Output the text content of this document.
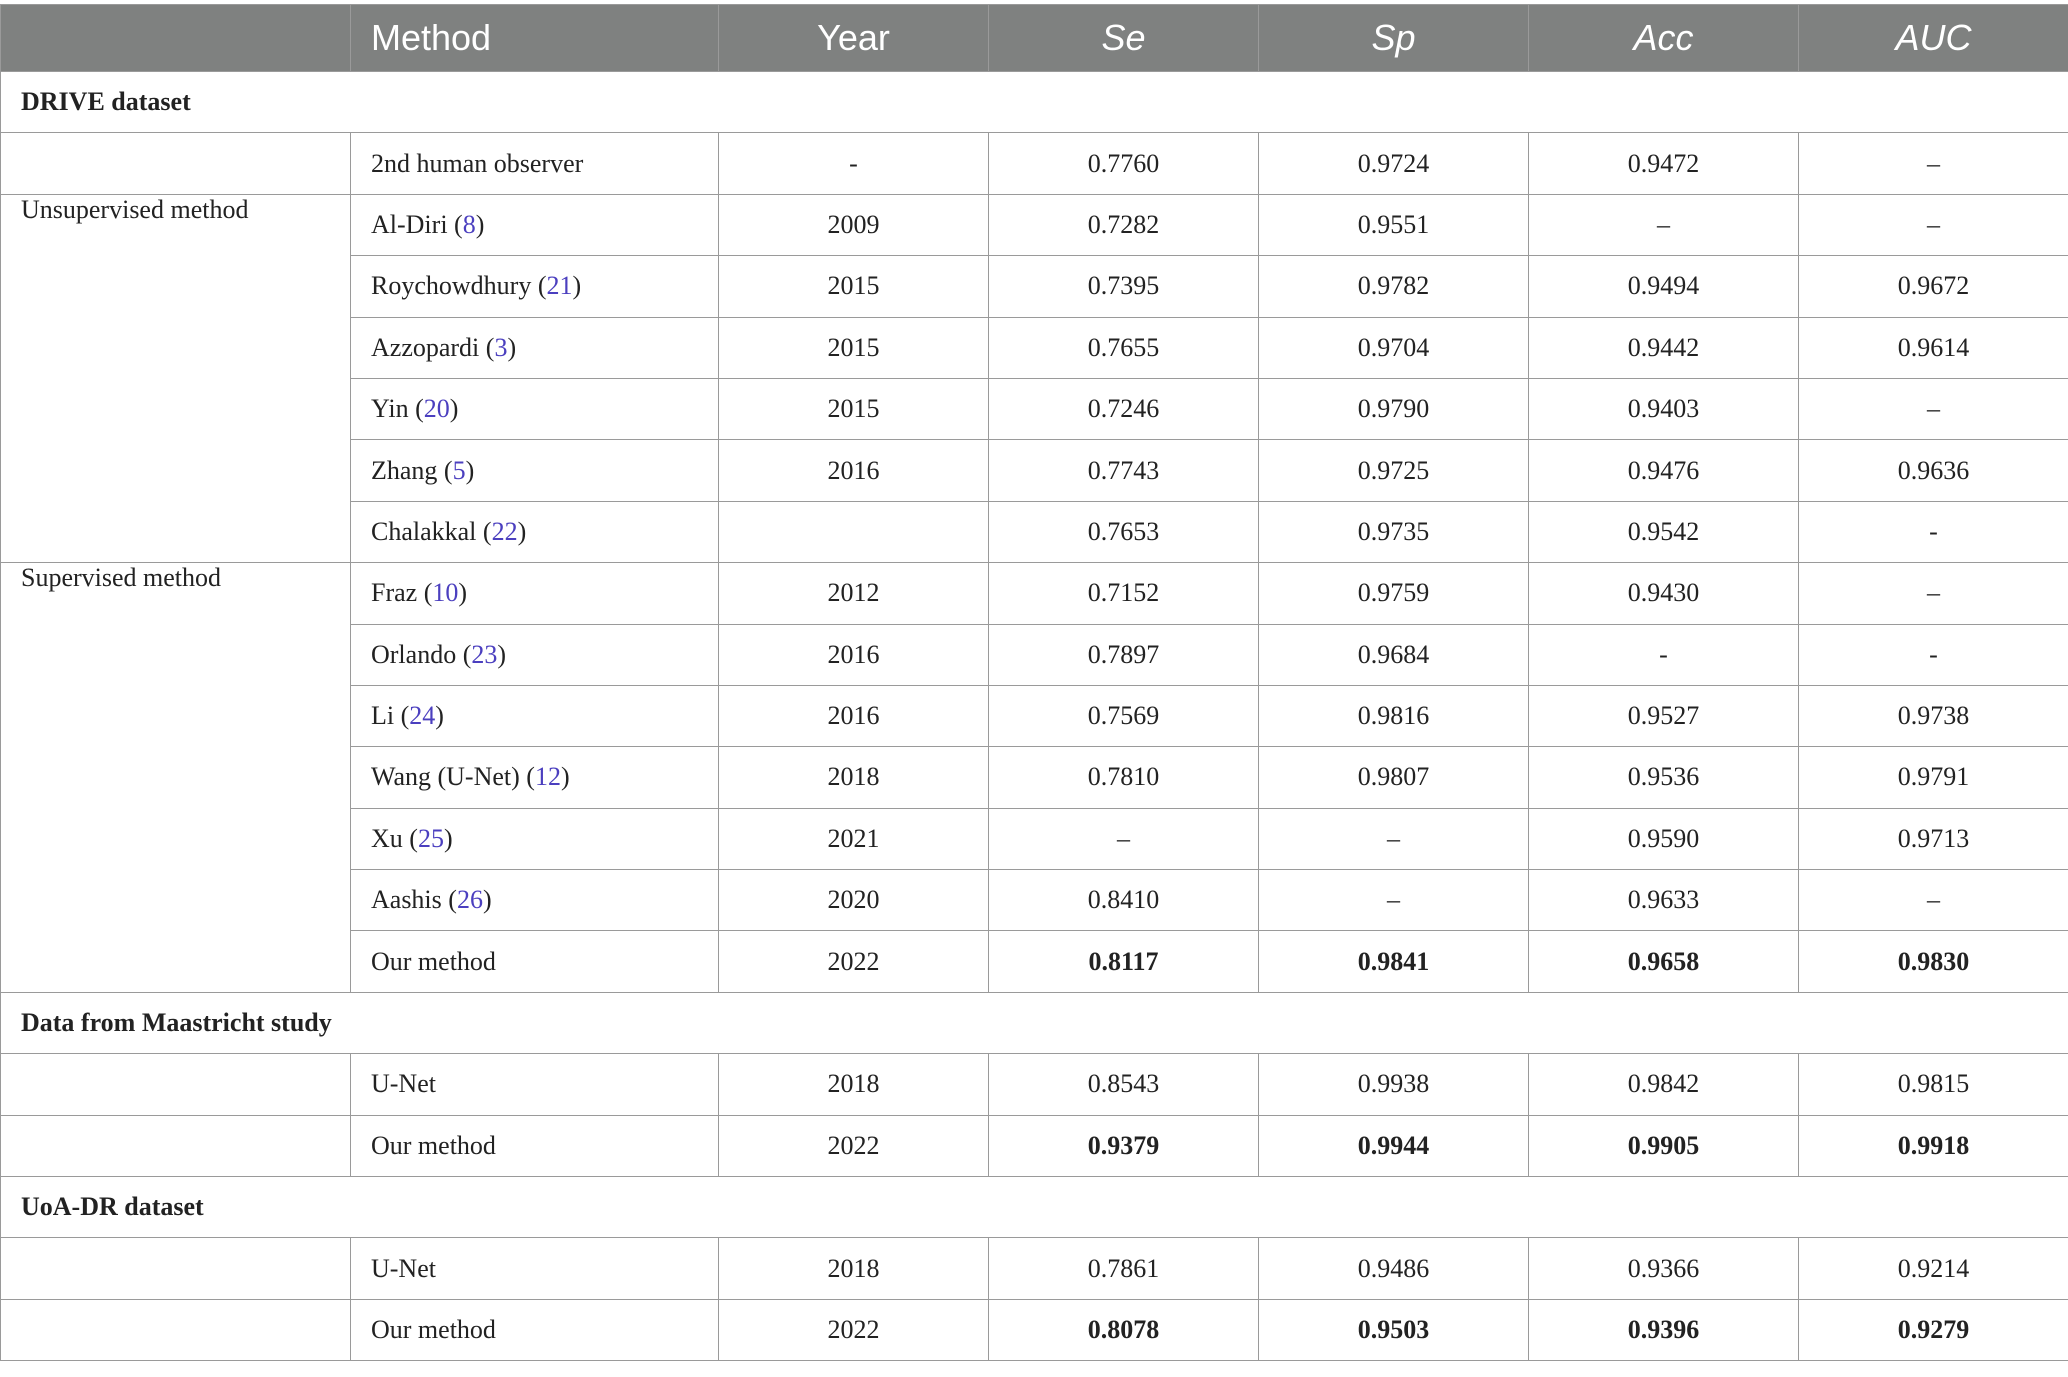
	Method	Year	Se	Sp	Acc	AUC
DRIVE dataset						
	2nd human observer	-	0.7760	0.9724	0.9472	–
Unsupervised method	Al-Diri (8)	2009	0.7282	0.9551	–	–
	Roychowdhury (21)	2015	0.7395	0.9782	0.9494	0.9672
	Azzopardi (3)	2015	0.7655	0.9704	0.9442	0.9614
	Yin (20)	2015	0.7246	0.9790	0.9403	–
	Zhang (5)	2016	0.7743	0.9725	0.9476	0.9636
	Chalakkal (22)		0.7653	0.9735	0.9542	-
Supervised method	Fraz (10)	2012	0.7152	0.9759	0.9430	–
	Orlando (23)	2016	0.7897	0.9684	-	-
	Li (24)	2016	0.7569	0.9816	0.9527	0.9738
	Wang (U-Net) (12)	2018	0.7810	0.9807	0.9536	0.9791
	Xu (25)	2021	–	–	0.9590	0.9713
	Aashis (26)	2020	0.8410	–	0.9633	–
	Our method	2022	0.8117	0.9841	0.9658	0.9830
Data from Maastricht study						
	U-Net	2018	0.8543	0.9938	0.9842	0.9815
	Our method	2022	0.9379	0.9944	0.9905	0.9918
UoA-DR dataset						
	U-Net	2018	0.7861	0.9486	0.9366	0.9214
	Our method	2022	0.8078	0.9503	0.9396	0.9279
